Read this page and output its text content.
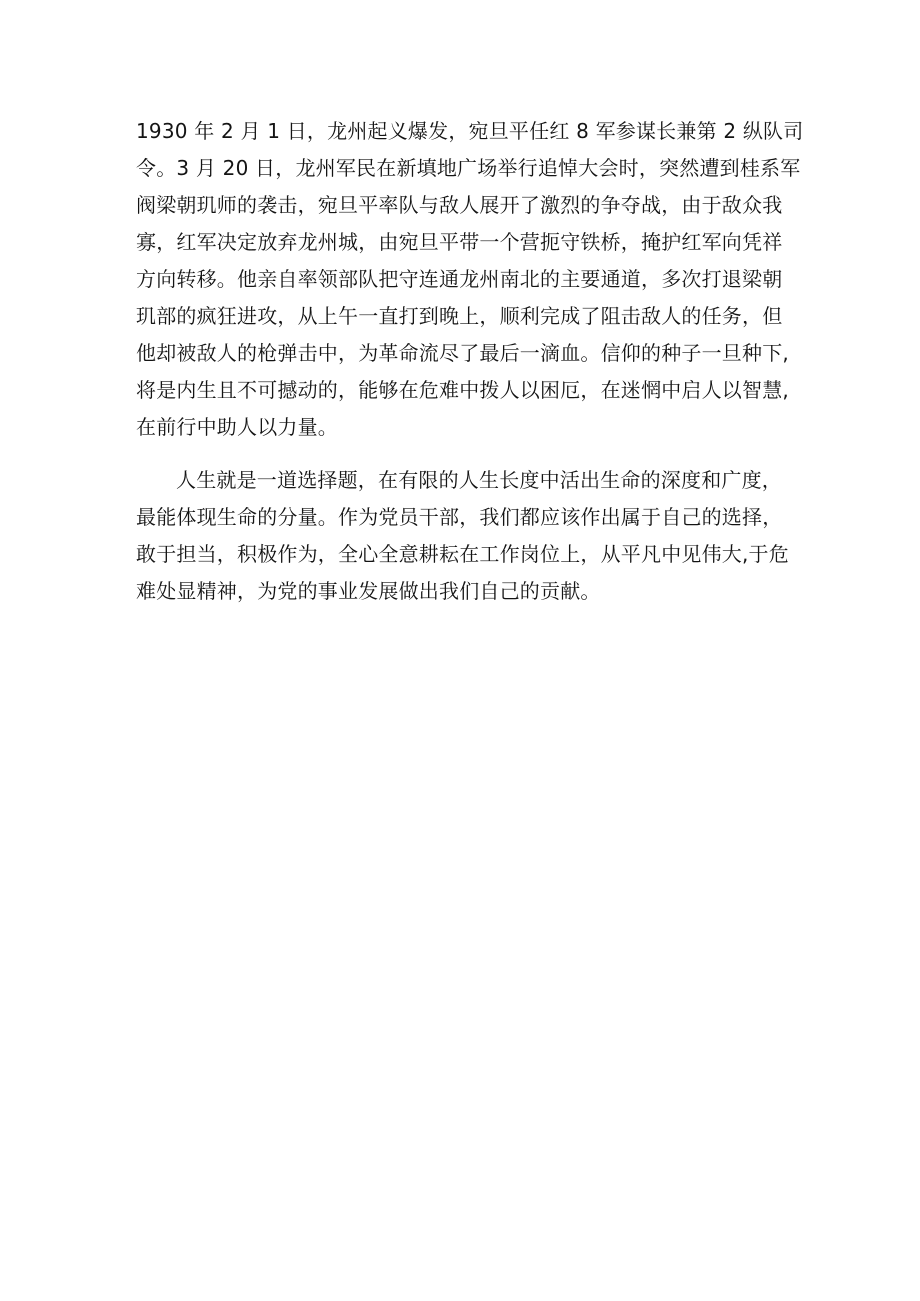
1930 年 2 月 1 日，龙州起义爆发，宛旦平任红 8 军参谋长兼第 2 纵队司
令。3 月 20 日，龙州军民在新填地广场举行追悼大会时，突然遭到桂系军
阀梁朝玑师的袭击，宛旦平率队与敌人展开了激烈的争夺战，由于敌众我
寡，红军决定放弃龙州城，由宛旦平带一个营扼守铁桥，掩护红军向凭祥
方向转移。他亲自率领部队把守连通龙州南北的主要通道，多次打退梁朝
玑部的疯狂进攻，从上午一直打到晚上，顺利完成了阻击敌人的任务，但
他却被敌人的枪弹击中，为革命流尽了最后一滴血。信仰的种子一旦种下,
将是内生且不可撼动的，能够在危难中拨人以困厄，在迷惘中启人以智慧,
在前行中助人以力量。
人生就是一道选择题，在有限的人生长度中活出生命的深度和广度，
最能体现生命的分量。作为党员干部，我们都应该作出属于自己的选择，
敢于担当，积极作为，全心全意耕耘在工作岗位上，从平凡中见伟大,于危
难处显精神，为党的事业发展做出我们自己的贡献。
